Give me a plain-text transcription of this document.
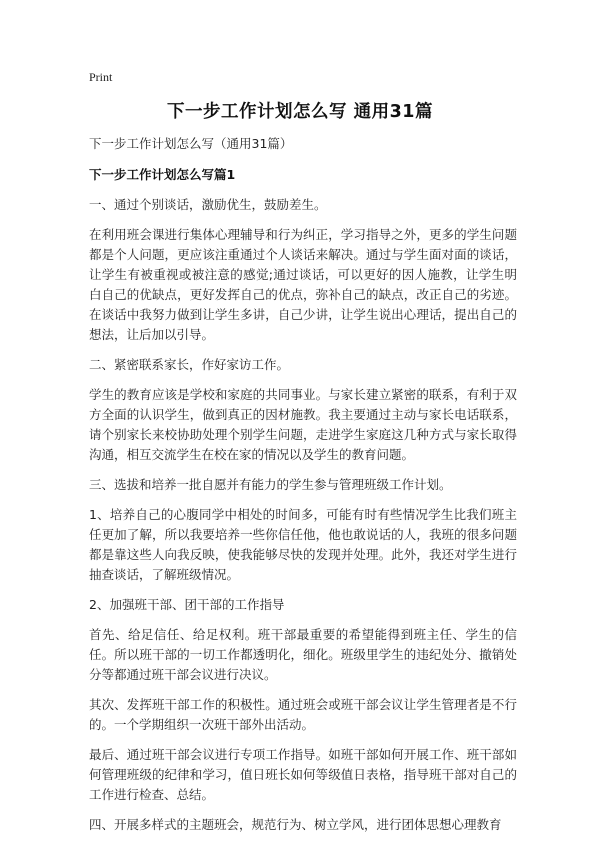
Print
下一步工作计划怎么写 通用31篇
下一步工作计划怎么写（通用31篇）
下一步工作计划怎么写篇1
一、通过个别谈话，激励优生，鼓励差生。
在利用班会课进行集体心理辅导和行为纠正，学习指导之外，更多的学生问题都是个人问题，更应该注重通过个人谈话来解决。通过与学生面对面的谈话，让学生有被重视或被注意的感觉;通过谈话，可以更好的因人施教，让学生明白自己的优缺点，更好发挥自己的优点，弥补自己的缺点，改正自己的劣迹。在谈话中我努力做到让学生多讲，自己少讲，让学生说出心理话，提出自己的想法，让后加以引导。
二、紧密联系家长，作好家访工作。
学生的教育应该是学校和家庭的共同事业。与家长建立紧密的联系，有利于双方全面的认识学生，做到真正的因材施教。我主要通过主动与家长电话联系，请个别家长来校协助处理个别学生问题，走进学生家庭这几种方式与家长取得沟通，相互交流学生在校在家的情况以及学生的教育问题。
三、选拔和培养一批自愿并有能力的学生参与管理班级工作计划。
1、培养自己的心腹同学中相处的时间多，可能有时有些情况学生比我们班主任更加了解，所以我要培养一些你信任他，他也敢说话的人，我班的很多问题都是靠这些人向我反映，使我能够尽快的发现并处理。此外，我还对学生进行抽查谈话，了解班级情况。
2、加强班干部、团干部的工作指导
首先、给足信任、给足权利。班干部最重要的希望能得到班主任、学生的信任。所以班干部的一切工作都透明化，细化。班级里学生的违纪处分、撤销处分等都通过班干部会议进行决议。
其次、发挥班干部工作的积极性。通过班会或班干部会议让学生管理者是不行的。一个学期组织一次班干部外出活动。
最后、通过班干部会议进行专项工作指导。如班干部如何开展工作、班干部如何管理班级的纪律和学习，值日班长如何等级值日表格，指导班干部对自己的工作进行检查、总结。
四、开展多样式的主题班会，规范行为、树立学风，进行团体思想心理教育
